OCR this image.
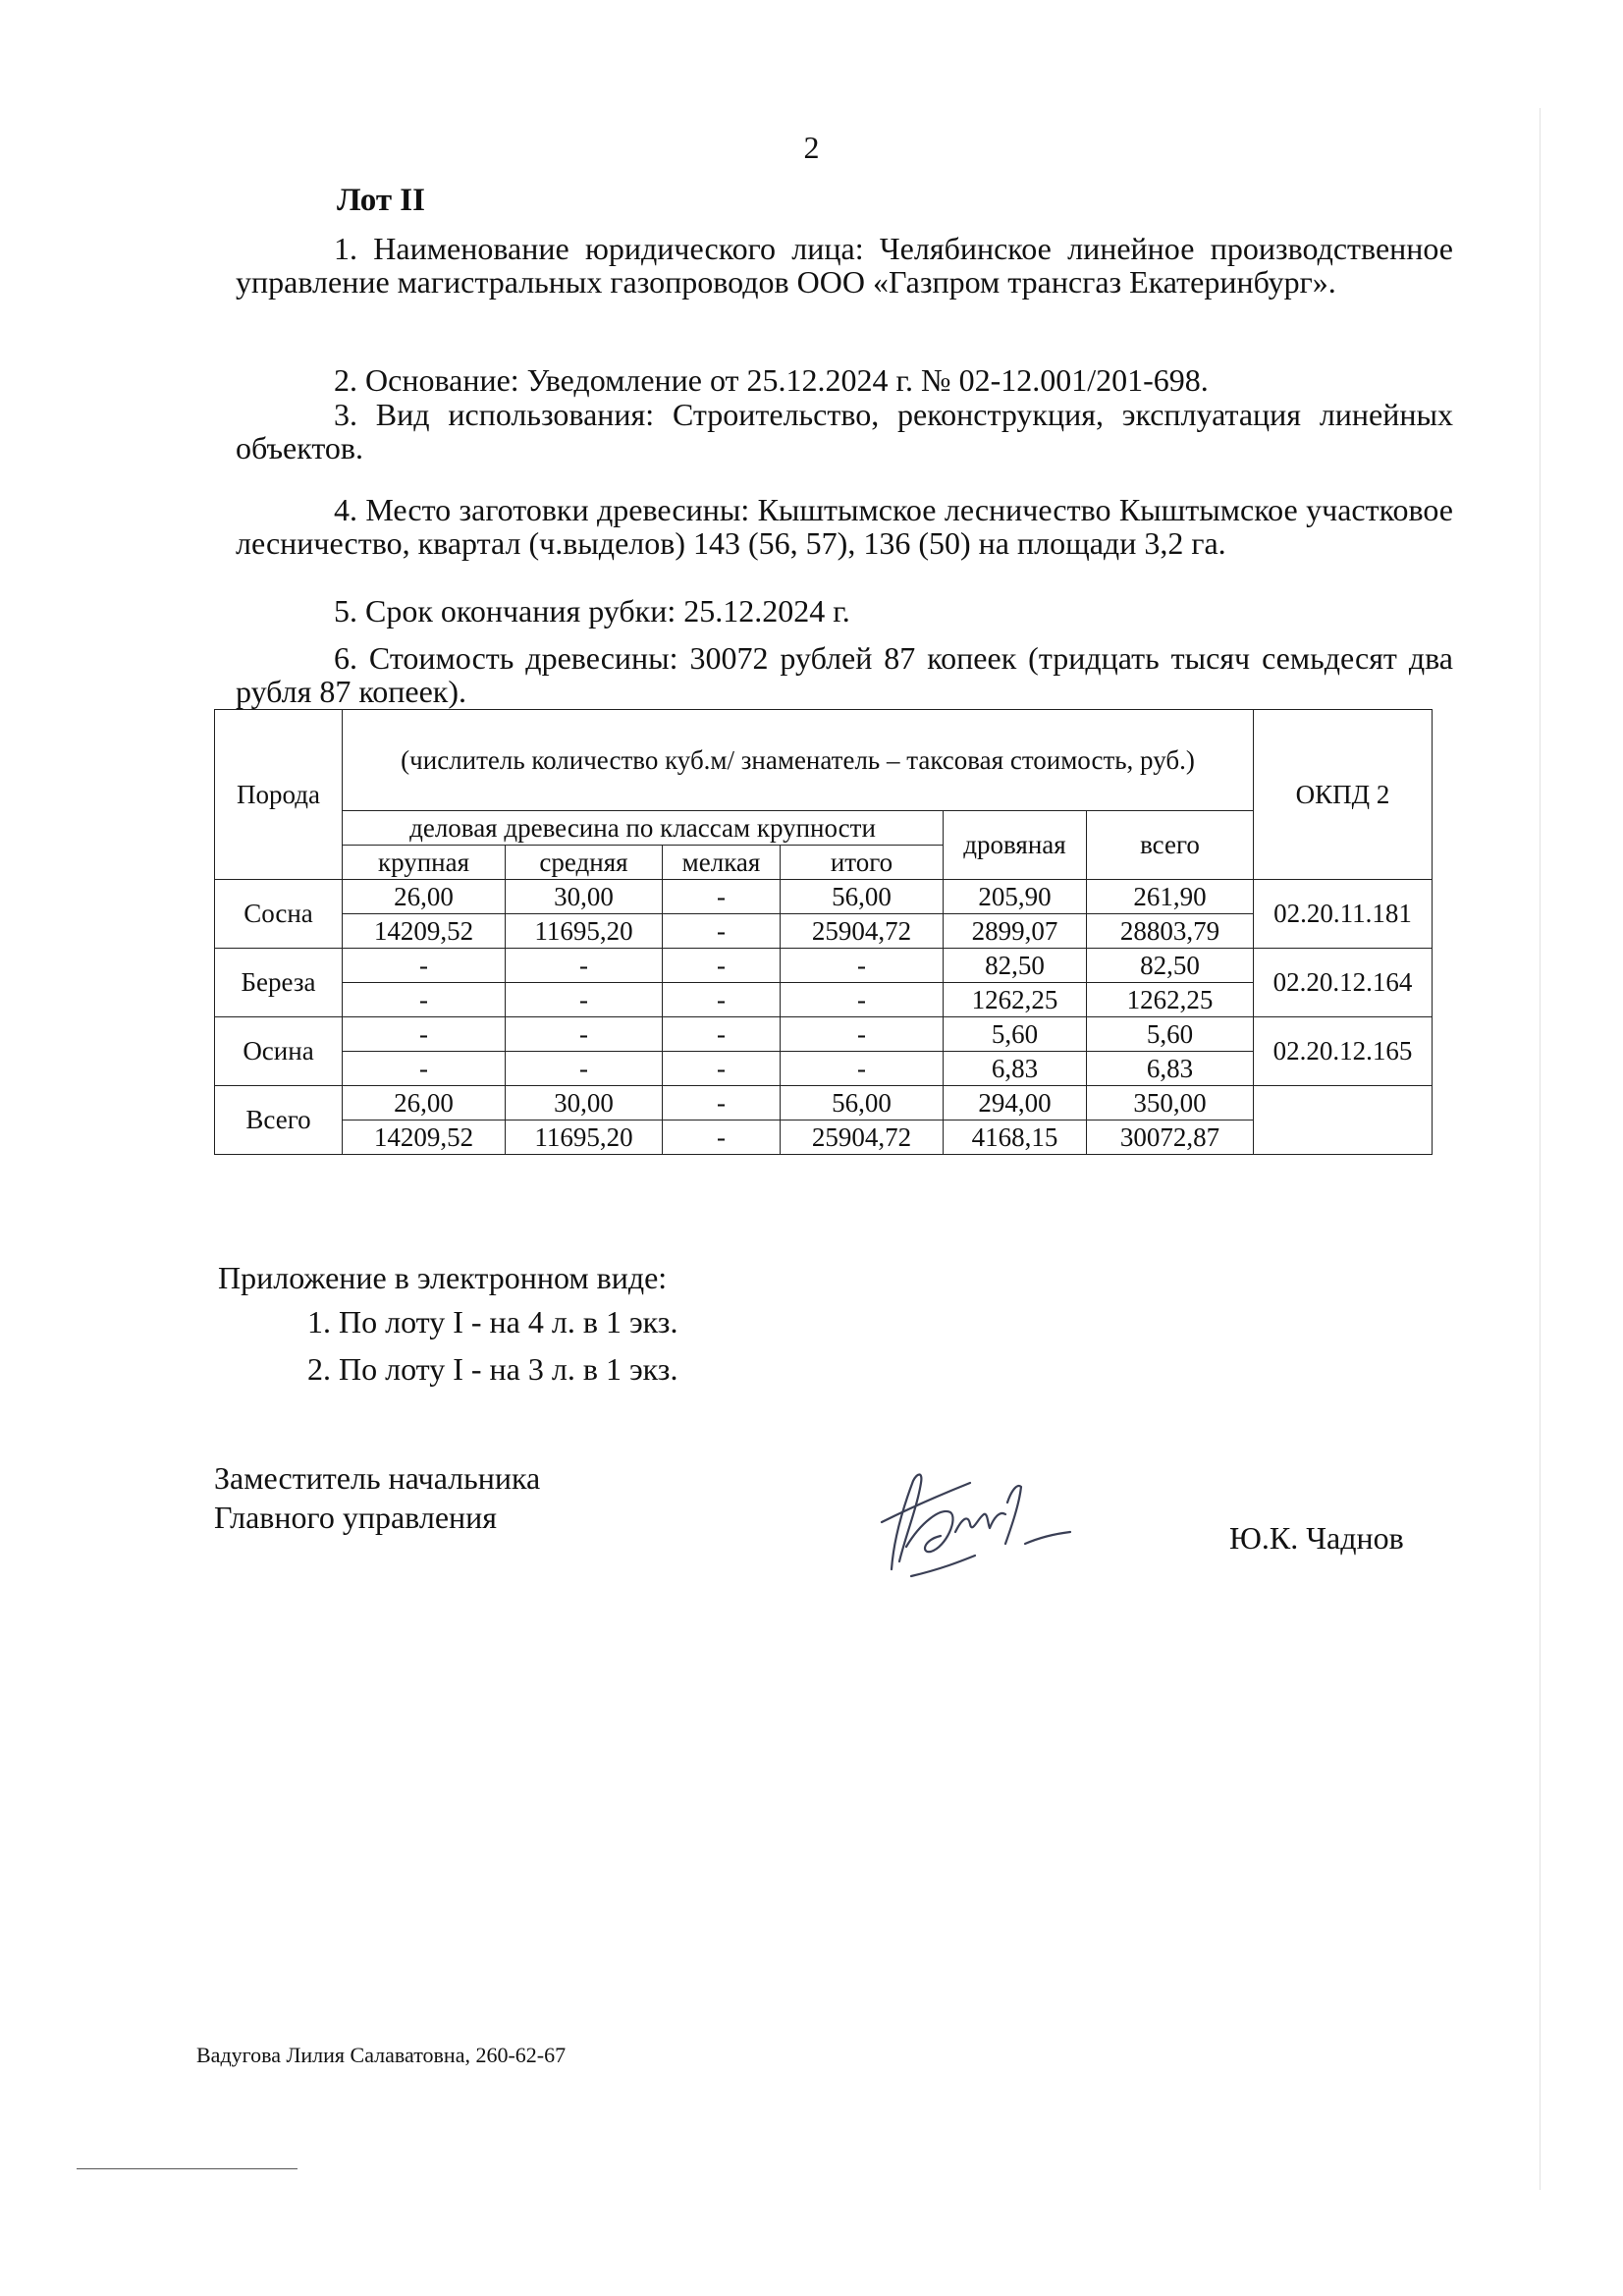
2
Лот II
1. Наименование юридического лица: Челябинское линейное производственное управление магистральных газопроводов ООО «Газпром трансгаз Екатеринбург».
2. Основание: Уведомление от 25.12.2024 г. № 02-12.001/201-698.
3. Вид использования: Строительство, реконструкция, эксплуатация линейных объектов.
4. Место заготовки древесины: Кыштымское лесничество Кыштымское участковое лесничество, квартал (ч.выделов) 143 (56, 57), 136 (50) на площади 3,2 га.
5. Срок окончания рубки: 25.12.2024 г.
6. Стоимость древесины: 30072 рублей 87 копеек (тридцать тысяч семьдесят два рубля 87 копеек).
Порода	(числитель количество куб.м/ знаменатель – таксовая стоимость, руб.)						ОКПД 2
	деловая древесина по классам крупности				дровяная	всего	
	крупная	средняя	мелкая	итого			
Сосна	26,00	30,00	-	56,00	205,90	261,90	02.20.11.181
	14209,52	11695,20	-	25904,72	2899,07	28803,79	
Береза	-	-	-	-	82,50	82,50	02.20.12.164
	-	-	-	-	1262,25	1262,25	
Осина	-	-	-	-	5,60	5,60	02.20.12.165
	-	-	-	-	6,83	6,83	
Всего	26,00	30,00	-	56,00	294,00	350,00	
	14209,52	11695,20	-	25904,72	4168,15	30072,87	
Приложение в электронном виде:
1. По лоту I - на 4 л. в 1 экз.
2. По лоту I - на 3 л. в 1 экз.
Заместитель начальника
Главного управления
Ю.К. Чаднов
Вадугова Лилия Салаватовна, 260-62-67
